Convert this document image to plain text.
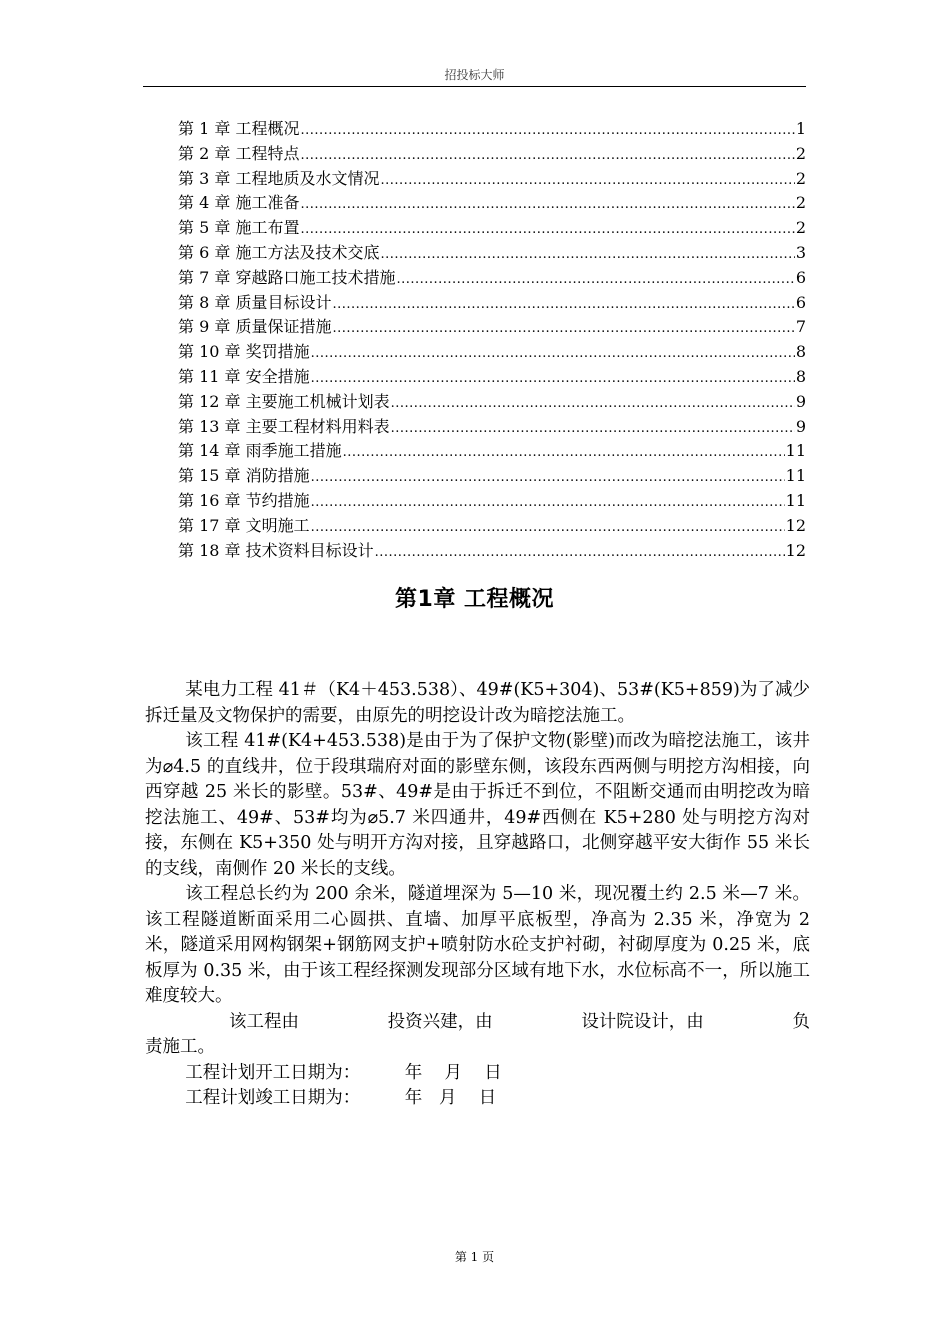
招投标大师
第 1 章 工程概况 .....	1
第 2 章 工程特点 .....	2
第 3 章 工程地质及水文情况 .....	2
第 4 章 施工准备 .....	2
第 5 章 施工布置 .....	2
第 6 章 施工方法及技术交底 .....	3
第 7 章 穿越路口施工技术措施 .....	6
第 8 章 质量目标设计 .....	6
第 9 章 质量保证措施 .....	7
第 10 章 奖罚措施 .....	8
第 11 章 安全措施 .....	8
第 12 章 主要施工机械计划表 .....	9
第 13 章 主要工程材料用料表 .....	9
第 14 章 雨季施工措施 .....	11
第 15 章 消防措施 .....	11
第 16 章 节约措施 .....	11
第 17 章 文明施工 .....	12
第 18 章 技术资料目标设计 .....	12
第1章 工程概况

某电力工程 41＃（K4＋453.538）、49#(K5+304)、53#(K5+859)为了减少拆迁量及文物保护的需要，由原先的明挖设计改为暗挖法施工。

该工程 41#(K4+453.538)是由于为了保护文物(影壁)而改为暗挖法施工，该井为⌀4.5 的直线井，位于段琪瑞府对面的影壁东侧，该段东西两侧与明挖方沟相接，向西穿越 25 米长的影壁。53#、49#是由于拆迁不到位，不阻断交通而由明挖改为暗挖法施工、49#、53#均为⌀5.7 米四通井，49#西侧在 K5+280 处与明挖方沟对接，东侧在 K5+350 处与明开方沟对接，且穿越路口，北侧穿越平安大街作 55 米长的支线，南侧作 20 米长的支线。

该工程总长约为 200 余米，隧道埋深为 5—10 米，现况覆土约 2.5 米—7 米。该工程隧道断面采用二心圆拱、直墙、加厚平底板型，净高为 2.35 米，净宽为 2 米，隧道采用网构钢架+钢筋网支护+喷射防水砼支护衬砌，衬砌厚度为 0.25 米，底板厚为 0.35 米，由于该工程经探测发现部分区域有地下水，水位标高不一，所以施工难度较大。

该工程由	投资兴建，由	设计院设计，由	负

责施工。

工程计划开工日期为：        年    月    日

工程计划竣工日期为：        年   月    日

第 1 页
